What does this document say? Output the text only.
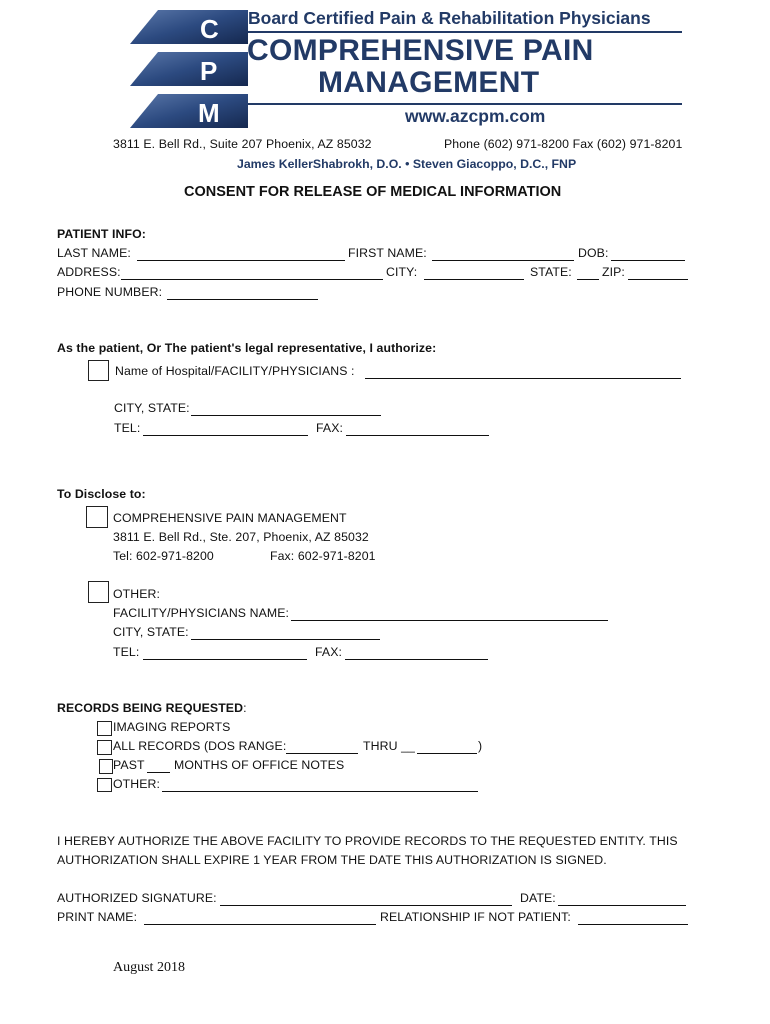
C
P
M
Board Certified Pain & Rehabilitation Physicians
COMPREHENSIVE PAIN
MANAGEMENT
www.azcpm.com
3811 E. Bell Rd., Suite 207 Phoenix, AZ 85032	Phone (602) 971-8200 Fax (602) 971-8201
James KellerShabrokh, D.O. • Steven Giacoppo, D.C., FNP
CONSENT FOR RELEASE OF MEDICAL INFORMATION
PATIENT INFO:
LAST NAME:	FIRST NAME:	DOB:
ADDRESS:	CITY:	STATE: ZIP:
PHONE NUMBER:
As the patient, Or The patient's legal representative, I authorize:
Name of Hospital/FACILITY/PHYSICIANS :
CITY, STATE:
TEL:	FAX:
To Disclose to:
COMPREHENSIVE PAIN MANAGEMENT
3811 E. Bell Rd., Ste. 207, Phoenix, AZ 85032
Tel: 602-971-8200	Fax: 602-971-8201
OTHER:
FACILITY/PHYSICIANS NAME:
CITY, STATE:
TEL:	FAX:
RECORDS BEING REQUESTED:
IMAGING REPORTS
ALL RECORDS (DOS RANGE:	THRU __	)
PAST MONTHS OF OFFICE NOTES
OTHER:
I HEREBY AUTHORIZE THE ABOVE FACILITY TO PROVIDE RECORDS TO THE REQUESTED ENTITY. THIS
AUTHORIZATION SHALL EXPIRE 1 YEAR FROM THE DATE THIS AUTHORIZATION IS SIGNED.
AUTHORIZED SIGNATURE:	DATE:
PRINT NAME:	RELATIONSHIP IF NOT PATIENT:
August 2018
